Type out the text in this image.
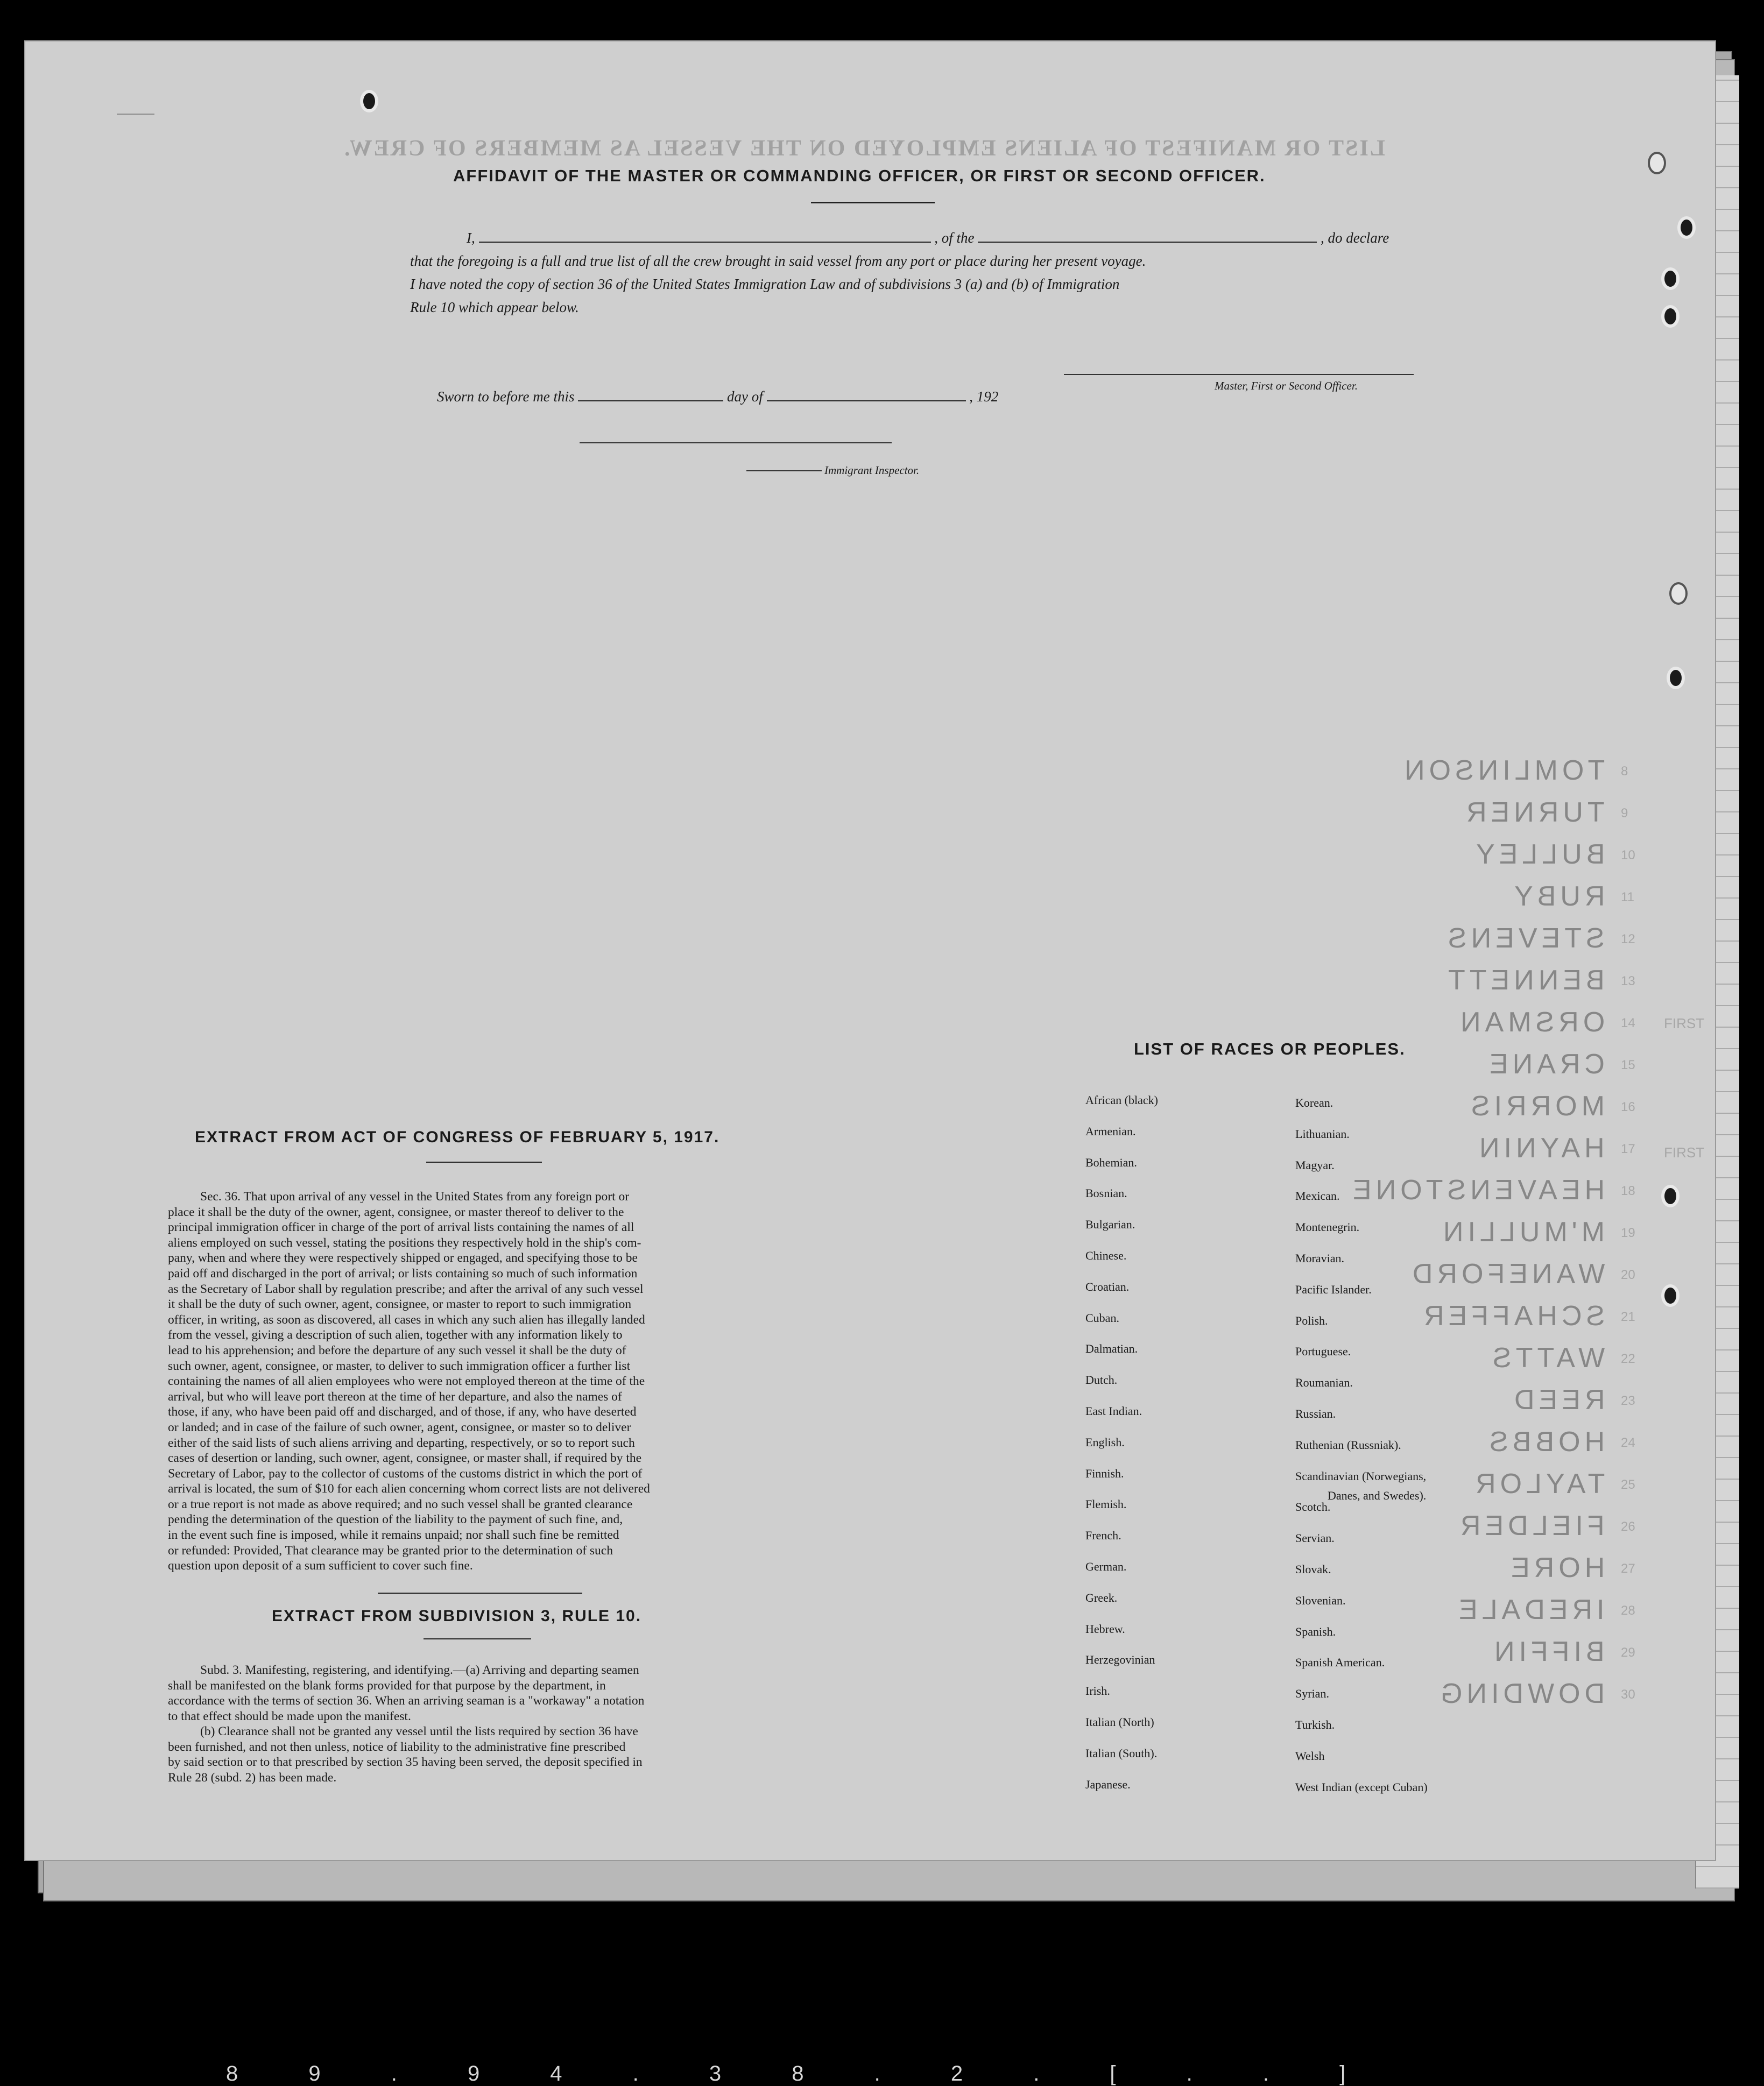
LIST OR MANIFEST OF ALIENS EMPLOYED ON THE VESSEL AS MEMBERS OF CREW.
AFFIDAVIT OF THE MASTER OR COMMANDING OFFICER, OR FIRST OR SECOND OFFICER.
I,	, of the	, do declare
that the foregoing is a full and true list of all the crew brought in said vessel from any port or place during her present voyage.
I have noted the copy of section 36 of the United States Immigration Law and of subdivisions 3 (a) and (b) of Immigration
Rule 10 which appear below.
Master, First or Second Officer.
Sworn to before me this	day of	, 192
Immigrant Inspector.
FIRST
FIRST
EXTRACT FROM ACT OF CONGRESS OF FEBRUARY 5, 1917.
Sec. 36. That upon arrival of any vessel in the United States from any foreign port or
place it shall be the duty of the owner, agent, consignee, or master thereof to deliver to the
principal immigration officer in charge of the port of arrival lists containing the names of all
aliens employed on such vessel, stating the positions they respectively hold in the ship's com-
pany, when and where they were respectively shipped or engaged, and specifying those to be
paid off and discharged in the port of arrival; or lists containing so much of such information
as the Secretary of Labor shall by regulation prescribe; and after the arrival of any such vessel
it shall be the duty of such owner, agent, consignee, or master to report to such immigration
officer, in writing, as soon as discovered, all cases in which any such alien has illegally landed
from the vessel, giving a description of such alien, together with any information likely to
lead to his apprehension; and before the departure of any such vessel it shall be the duty of
such owner, agent, consignee, or master, to deliver to such immigration officer a further list
containing the names of all alien employees who were not employed thereon at the time of the
arrival, but who will leave port thereon at the time of her departure, and also the names of
those, if any, who have been paid off and discharged, and of those, if any, who have deserted
or landed; and in case of the failure of such owner, agent, consignee, or master so to deliver
either of the said lists of such aliens arriving and departing, respectively, or so to report such
cases of desertion or landing, such owner, agent, consignee, or master shall, if required by the
Secretary of Labor, pay to the collector of customs of the customs district in which the port of
arrival is located, the sum of $10 for each alien concerning whom correct lists are not delivered
or a true report is not made as above required; and no such vessel shall be granted clearance
pending the determination of the question of the liability to the payment of such fine, and,
in the event such fine is imposed, while it remains unpaid; nor shall such fine be remitted
or refunded: Provided, That clearance may be granted prior to the determination of such
question upon deposit of a sum sufficient to cover such fine.
EXTRACT FROM SUBDIVISION 3, RULE 10.
Subd. 3. Manifesting, registering, and identifying.—(a) Arriving and departing seamen
shall be manifested on the blank forms provided for that purpose by the department, in
accordance with the terms of section 36. When an arriving seaman is a "workaway" a notation
to that effect should be made upon the manifest.
(b) Clearance shall not be granted any vessel until the lists required by section 36 have
been furnished, and not then unless, notice of liability to the administrative fine prescribed
by said section or to that prescribed by section 35 having been served, the deposit specified in
Rule 28 (subd. 2) has been made.
LIST OF RACES OR PEOPLES.
Danes, and Swedes).
African (black)
Armenian.
Bohemian.
Bosnian.
Bulgarian.
Chinese.
Croatian.
Cuban.
Dalmatian.
Dutch.
East Indian.
English.
Finnish.
Flemish.
French.
German.
Greek.
Hebrew.
Herzegovinian
Irish.
Italian (North)
Italian (South).
Japanese.
Korean.
Lithuanian.
Magyar.
Mexican.
Montenegrin.
Moravian.
Pacific Islander.
Polish.
Portuguese.
Roumanian.
Russian.
Ruthenian (Russniak).
Scandinavian (Norwegians,
Scotch.
Servian.
Slovak.
Slovenian.
Spanish.
Spanish American.
Syrian.
Turkish.
Welsh
West Indian (except Cuban)
TOMLINSON 8
TURNER 9
BULLEY 10
RUBY 11
STEVENS 12
BENNETT 13
ORSMAN 14
CRANE 15
MORRIS 16
HAYNIN 17
HEAVENSTONE 18
M'MULLIN 19
WANEFORD 20
SCHAFFER 21
WATTS 22
REED 23
HOBBS 24
TAYLOR 25
FIELDER 26
HORE 27
IREDALE 28
BIFFIN 29
DOWDING 30
8 9 . 9 4 . 3 8 . 2 . [ . . ]
